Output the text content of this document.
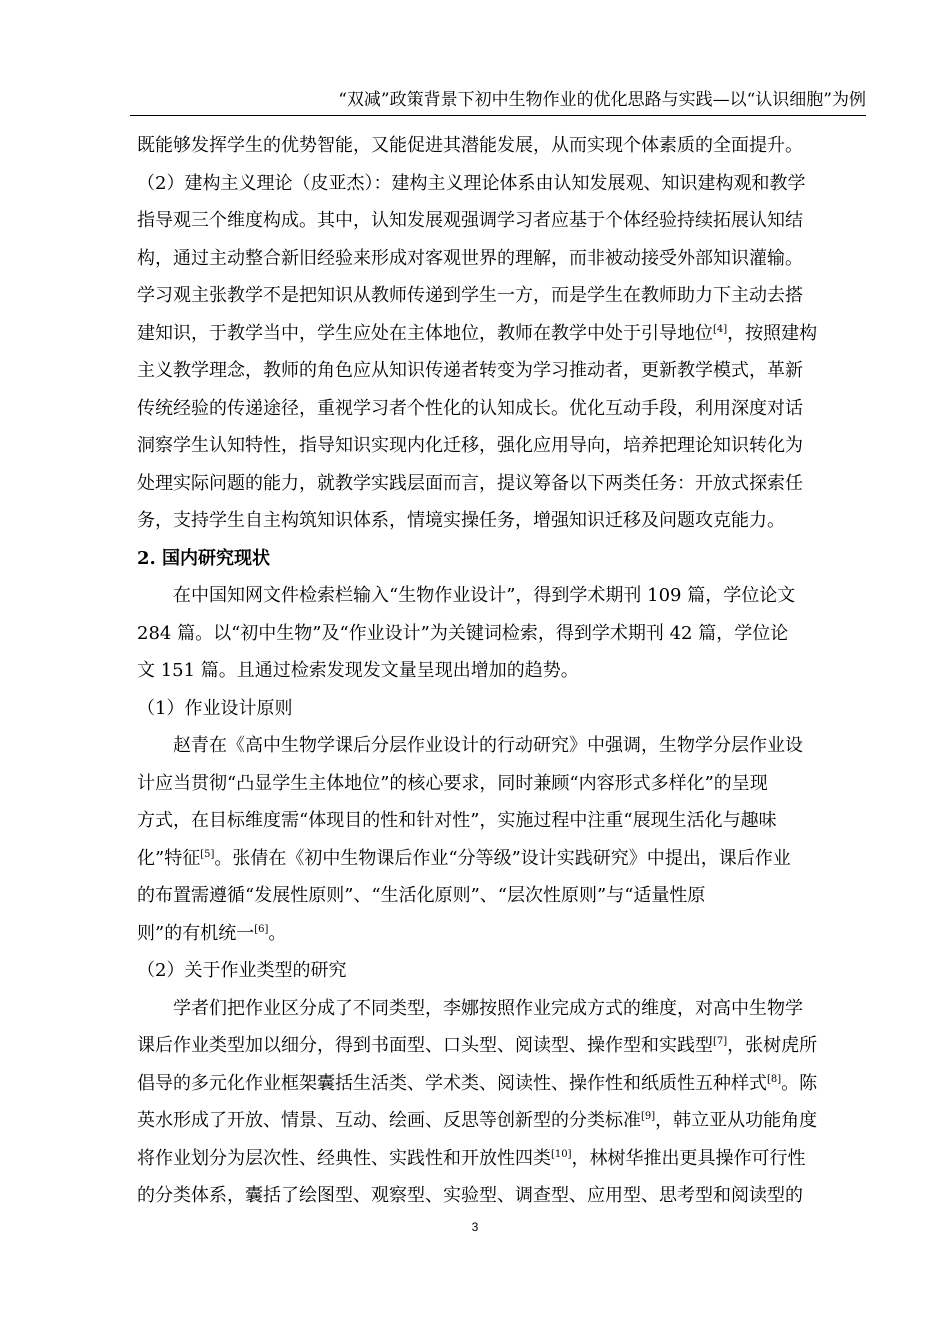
“双减”政策背景下初中生物作业的优化思路与实践—以“认识细胞”为例
既能够发挥学生的优势智能，又能促进其潜能发展，从而实现个体素质的全面提升。
（2）建构主义理论（皮亚杰）：建构主义理论体系由认知发展观、知识建构观和教学
指导观三个维度构成。其中，认知发展观强调学习者应基于个体经验持续拓展认知结
构，通过主动整合新旧经验来形成对客观世界的理解，而非被动接受外部知识灌输。
学习观主张教学不是把知识从教师传递到学生一方，而是学生在教师助力下主动去搭
建知识，于教学当中，学生应处在主体地位，教师在教学中处于引导地位[4]，按照建构
主义教学理念，教师的角色应从知识传递者转变为学习推动者，更新教学模式，革新
传统经验的传递途径，重视学习者个性化的认知成长。优化互动手段，利用深度对话
洞察学生认知特性，指导知识实现内化迁移，强化应用导向，培养把理论知识转化为
处理实际问题的能力，就教学实践层面而言，提议筹备以下两类任务：开放式探索任
务，支持学生自主构筑知识体系，情境实操任务，增强知识迁移及问题攻克能力。
2. 国内研究现状
在中国知网文件检索栏输入“生物作业设计”，得到学术期刊 109 篇，学位论文
284 篇。以“初中生物”及“作业设计”为关键词检索，得到学术期刊 42 篇，学位论
文 151 篇。且通过检索发现发文量呈现出增加的趋势。
（1）作业设计原则
赵青在《高中生物学课后分层作业设计的行动研究》中强调，生物学分层作业设
计应当贯彻“凸显学生主体地位”的核心要求，同时兼顾“内容形式多样化”的呈现
方式，在目标维度需“体现目的性和针对性”，实施过程中注重“展现生活化与趣味
化”特征[5]。张倩在《初中生物课后作业“分等级”设计实践研究》中提出，课后作业
的布置需遵循“发展性原则”、“生活化原则”、“层次性原则”与“适量性原
则”的有机统一[6]。
（2）关于作业类型的研究
学者们把作业区分成了不同类型，李娜按照作业完成方式的维度，对高中生物学
课后作业类型加以细分，得到书面型、口头型、阅读型、操作型和实践型[7]，张树虎所
倡导的多元化作业框架囊括生活类、学术类、阅读性、操作性和纸质性五种样式[8]。陈
英水形成了开放、情景、互动、绘画、反思等创新型的分类标准[9]，韩立亚从功能角度
将作业划分为层次性、经典性、实践性和开放性四类[10]，林树华推出更具操作可行性
的分类体系，囊括了绘图型、观察型、实验型、调查型、应用型、思考型和阅读型的
3
